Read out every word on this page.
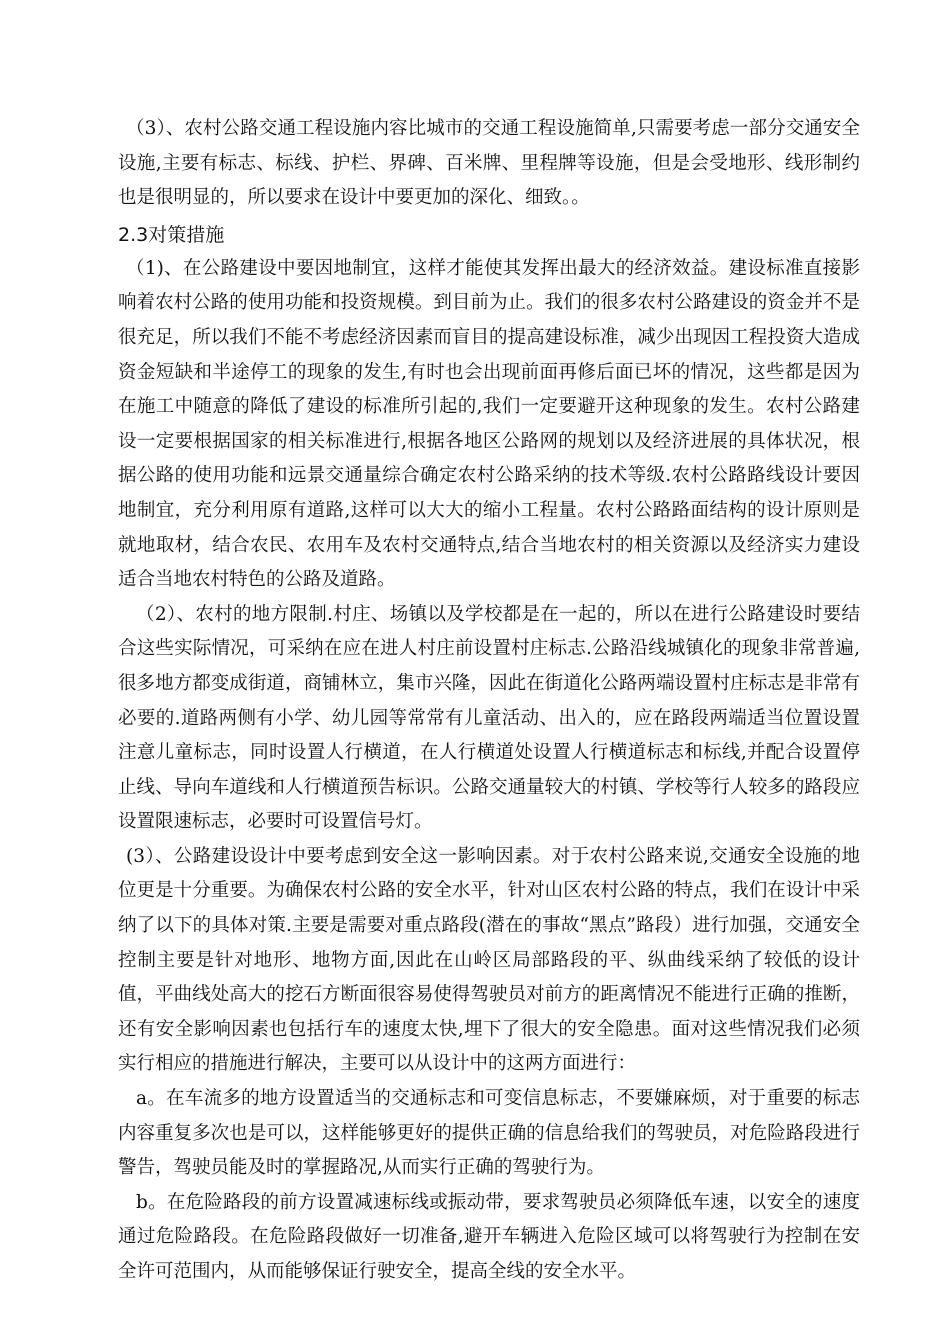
（3）、农村公路交通工程设施内容比城市的交通工程设施简单,只需要考虑一部分交通安全设施,主要有标志、标线、护栏、界碑、百米牌、里程牌等设施，但是会受地形、线形制约也是很明显的，所以要求在设计中要更加的深化、细致。。

2.3对策措施

（1)、在公路建设中要因地制宜，这样才能使其发挥出最大的经济效益。建设标准直接影响着农村公路的使用功能和投资规模。到目前为止。我们的很多农村公路建设的资金并不是很充足，所以我们不能不考虑经济因素而盲目的提高建设标准，减少出现因工程投资大造成资金短缺和半途停工的现象的发生,有时也会出现前面再修后面已坏的情况，这些都是因为在施工中随意的降低了建设的标准所引起的,我们一定要避开这种现象的发生。农村公路建设一定要根据国家的相关标准进行,根据各地区公路网的规划以及经济进展的具体状况，根据公路的使用功能和远景交通量综合确定农村公路采纳的技术等级.农村公路路线设计要因地制宜，充分利用原有道路,这样可以大大的缩小工程量。农村公路路面结构的设计原则是就地取材，结合农民、农用车及农村交通特点,结合当地农村的相关资源以及经济实力建设适合当地农村特色的公路及道路。

（2）、农村的地方限制.村庄、场镇以及学校都是在一起的，所以在进行公路建设时要结合这些实际情况，可采纳在应在进人村庄前设置村庄标志.公路沿线城镇化的现象非常普遍,很多地方都变成街道，商铺林立，集市兴隆，因此在街道化公路两端设置村庄标志是非常有必要的.道路两侧有小学、幼儿园等常常有儿童活动、出入的，应在路段两端适当位置设置注意儿童标志，同时设置人行横道，在人行横道处设置人行横道标志和标线,并配合设置停止线、导向车道线和人行横道预告标识。公路交通量较大的村镇、学校等行人较多的路段应设置限速标志，必要时可设置信号灯。

(3）、公路建设设计中要考虑到安全这一影响因素。对于农村公路来说,交通安全设施的地位更是十分重要。为确保农村公路的安全水平，针对山区农村公路的特点，我们在设计中采纳了以下的具体对策.主要是需要对重点路段(潜在的事故“黑点”路段）进行加强，交通安全控制主要是针对地形、地物方面,因此在山岭区局部路段的平、纵曲线采纳了较低的设计值，平曲线处高大的挖石方断面很容易使得驾驶员对前方的距离情况不能进行正确的推断，还有安全影响因素也包括行车的速度太快,埋下了很大的安全隐患。面对这些情况我们必须实行相应的措施进行解决，主要可以从设计中的这两方面进行：

a。在车流多的地方设置适当的交通标志和可变信息标志，不要嫌麻烦，对于重要的标志内容重复多次也是可以，这样能够更好的提供正确的信息给我们的驾驶员，对危险路段进行警告，驾驶员能及时的掌握路况,从而实行正确的驾驶行为。

b。在危险路段的前方设置减速标线或振动带，要求驾驶员必须降低车速，以安全的速度通过危险路段。在危险路段做好一切准备,避开车辆进入危险区域可以将驾驶行为控制在安全许可范围内，从而能够保证行驶安全，提高全线的安全水平。
